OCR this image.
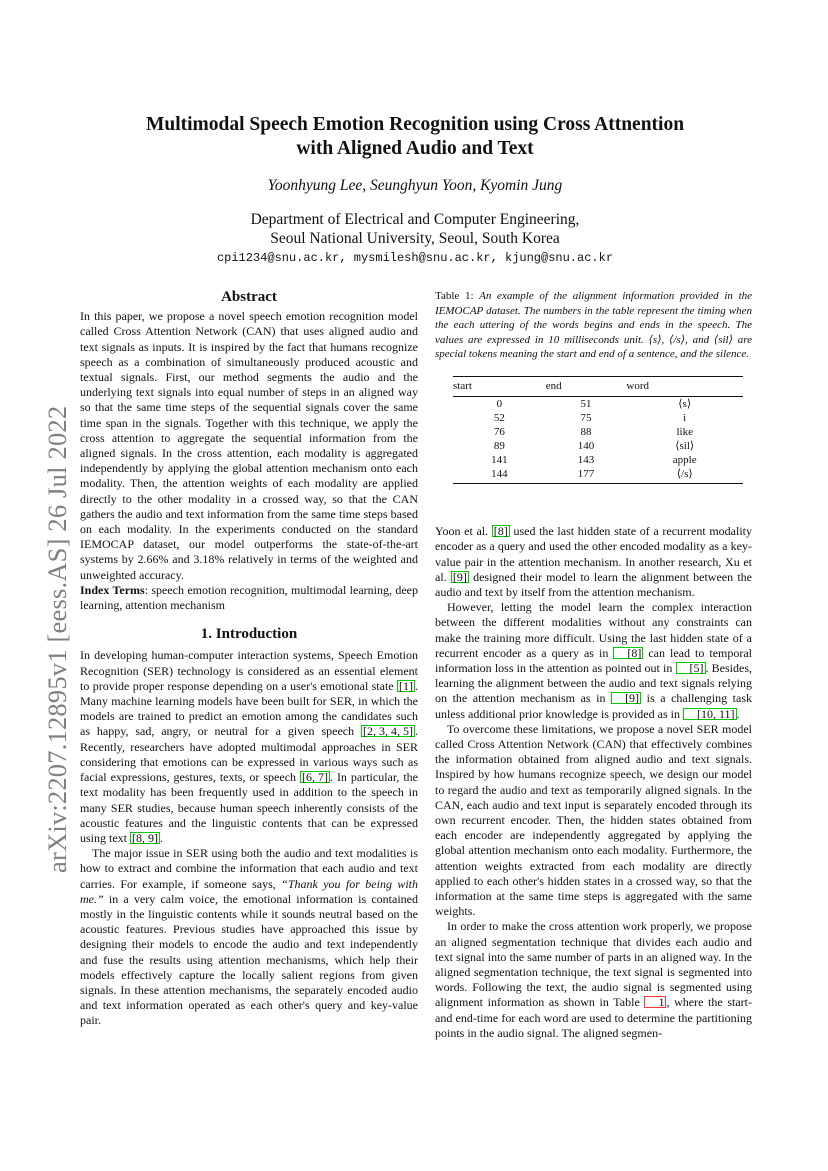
arXiv:2207.12895v1 [eess.AS] 26 Jul 2022
Multimodal Speech Emotion Recognition using Cross Attnention
with Aligned Audio and Text
Yoonhyung Lee, Seunghyun Yoon, Kyomin Jung
Department of Electrical and Computer Engineering,
Seoul National University, Seoul, South Korea
cpi1234@snu.ac.kr, mysmilesh@snu.ac.kr, kjung@snu.ac.kr
Abstract

In this paper, we propose a novel speech emotion recognition model called Cross Attention Network (CAN) that uses aligned audio and text signals as inputs. It is inspired by the fact that humans recognize speech as a combination of simultaneously produced acoustic and textual signals. First, our method segments the audio and the underlying text signals into equal number of steps in an aligned way so that the same time steps of the sequential signals cover the same time span in the signals. Together with this technique, we apply the cross attention to aggregate the sequential information from the aligned signals. In the cross attention, each modality is aggregated independently by applying the global attention mechanism onto each modality. Then, the attention weights of each modality are applied directly to the other modality in a crossed way, so that the CAN gathers the audio and text information from the same time steps based on each modality. In the experiments conducted on the standard IEMOCAP dataset, our model outperforms the state-of-the-art systems by 2.66% and 3.18% relatively in terms of the weighted and unweighted accuracy.

Index Terms: speech emotion recognition, multimodal learning, deep learning, attention mechanism

1. Introduction

In developing human-computer interaction systems, Speech Emotion Recognition (SER) technology is considered as an essential element to provide proper response depending on a user's emotional state [1] . Many machine learning models have been built for SER, in which the models are trained to predict an emotion among the candidates such as happy, sad, angry, or neutral for a given speech [2, 3, 4, 5] . Recently, researchers have adopted multimodal approaches in SER considering that emotions can be expressed in various ways such as facial expressions, gestures, texts, or speech [6, 7] . In particular, the text modality has been frequently used in addition to the speech in many SER studies, because human speech inherently consists of the acoustic features and the linguistic contents that can be expressed using text [8, 9] .

The major issue in SER using both the audio and text modalities is how to extract and combine the information that each audio and text carries. For example, if someone says, “Thank you for being with me.” in a very calm voice, the emotional information is contained mostly in the linguistic contents while it sounds neutral based on the acoustic features. Previous studies have approached this issue by designing their models to encode the audio and text independently and fuse the results using attention mechanisms, which help their models effectively capture the locally salient regions from given signals. In these attention mechanisms, the separately encoded audio and text information operated as each other's query and key-value pair.

Table 1: An example of the alignment information provided in the IEMOCAP dataset. The numbers in the table represent the timing when the each uttering of the words begins and ends in the speech. The values are expressed in 10 milliseconds unit. ⟨s⟩, ⟨/s⟩, and ⟨sil⟩ are special tokens meaning the start and end of a sentence, and the silence.
start	end	word
0	51	⟨s⟩
52	75	i
76	88	like
89	140	⟨sil⟩
141	143	apple
144	177	⟨/s⟩

Yoon et al. [8] used the last hidden state of a recurrent modality encoder as a query and used the other encoded modality as a key-value pair in the attention mechanism. In another research, Xu et al. [9] designed their model to learn the alignment between the audio and text by itself from the attention mechanism.

However, letting the model learn the complex interaction between the different modalities without any constraints can make the training more difficult. Using the last hidden state of a recurrent encoder as a query as in [8] can lead to temporal information loss in the attention as pointed out in [5] . Besides, learning the alignment between the audio and text signals relying on the attention mechanism as in [9] is a challenging task unless additional prior knowledge is provided as in [10, 11] .

To overcome these limitations, we propose a novel SER model called Cross Attention Network (CAN) that effectively combines the information obtained from aligned audio and text signals. Inspired by how humans recognize speech, we design our model to regard the audio and text as temporarily aligned signals. In the CAN, each audio and text input is separately encoded through its own recurrent encoder. Then, the hidden states obtained from each encoder are independently aggregated by applying the global attention mechanism onto each modality. Furthermore, the attention weights extracted from each modality are directly applied to each other's hidden states in a crossed way, so that the information at the same time steps is aggregated with the same weights.

In order to make the cross attention work properly, we propose an aligned segmentation technique that divides each audio and text signal into the same number of parts in an aligned way. In the aligned segmentation technique, the text signal is segmented into words. Following the text, the audio signal is segmented using alignment information as shown in Table 1 , where the start- and end-time for each word are used to determine the partitioning points in the audio signal. The aligned segmen-
